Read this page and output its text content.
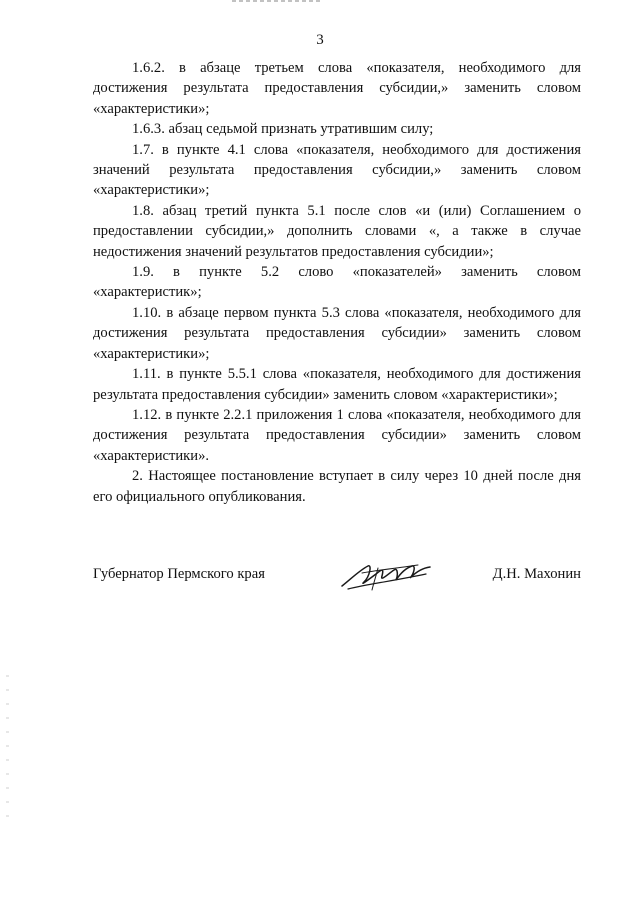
3

1.6.2. в абзаце третьем слова «показателя, необходимого для достижения результата предоставления субсидии,» заменить словом «характеристики»;

1.6.3. абзац седьмой признать утратившим силу;

1.7. в пункте 4.1 слова «показателя, необходимого для достижения значений результата предоставления субсидии,» заменить словом «характеристики»;

1.8. абзац третий пункта 5.1 после слов «и (или) Соглашением о предоставлении субсидии,» дополнить словами «, а также в случае недостижения значений результатов предоставления субсидии»;

1.9. в пункте 5.2 слово «показателей» заменить словом «характеристик»;

1.10. в абзаце первом пункта 5.3 слова «показателя, необходимого для достижения результата предоставления субсидии» заменить словом «характеристики»;

1.11. в пункте 5.5.1 слова «показателя, необходимого для достижения результата предоставления субсидии» заменить словом «характеристики»;

1.12. в пункте 2.2.1 приложения 1 слова «показателя, необходимого для достижения результата предоставления субсидии» заменить словом «характеристики».

2. Настоящее постановление вступает в силу через 10 дней после дня его официального опубликования.

Губернатор Пермского края	Д.Н. Махонин
